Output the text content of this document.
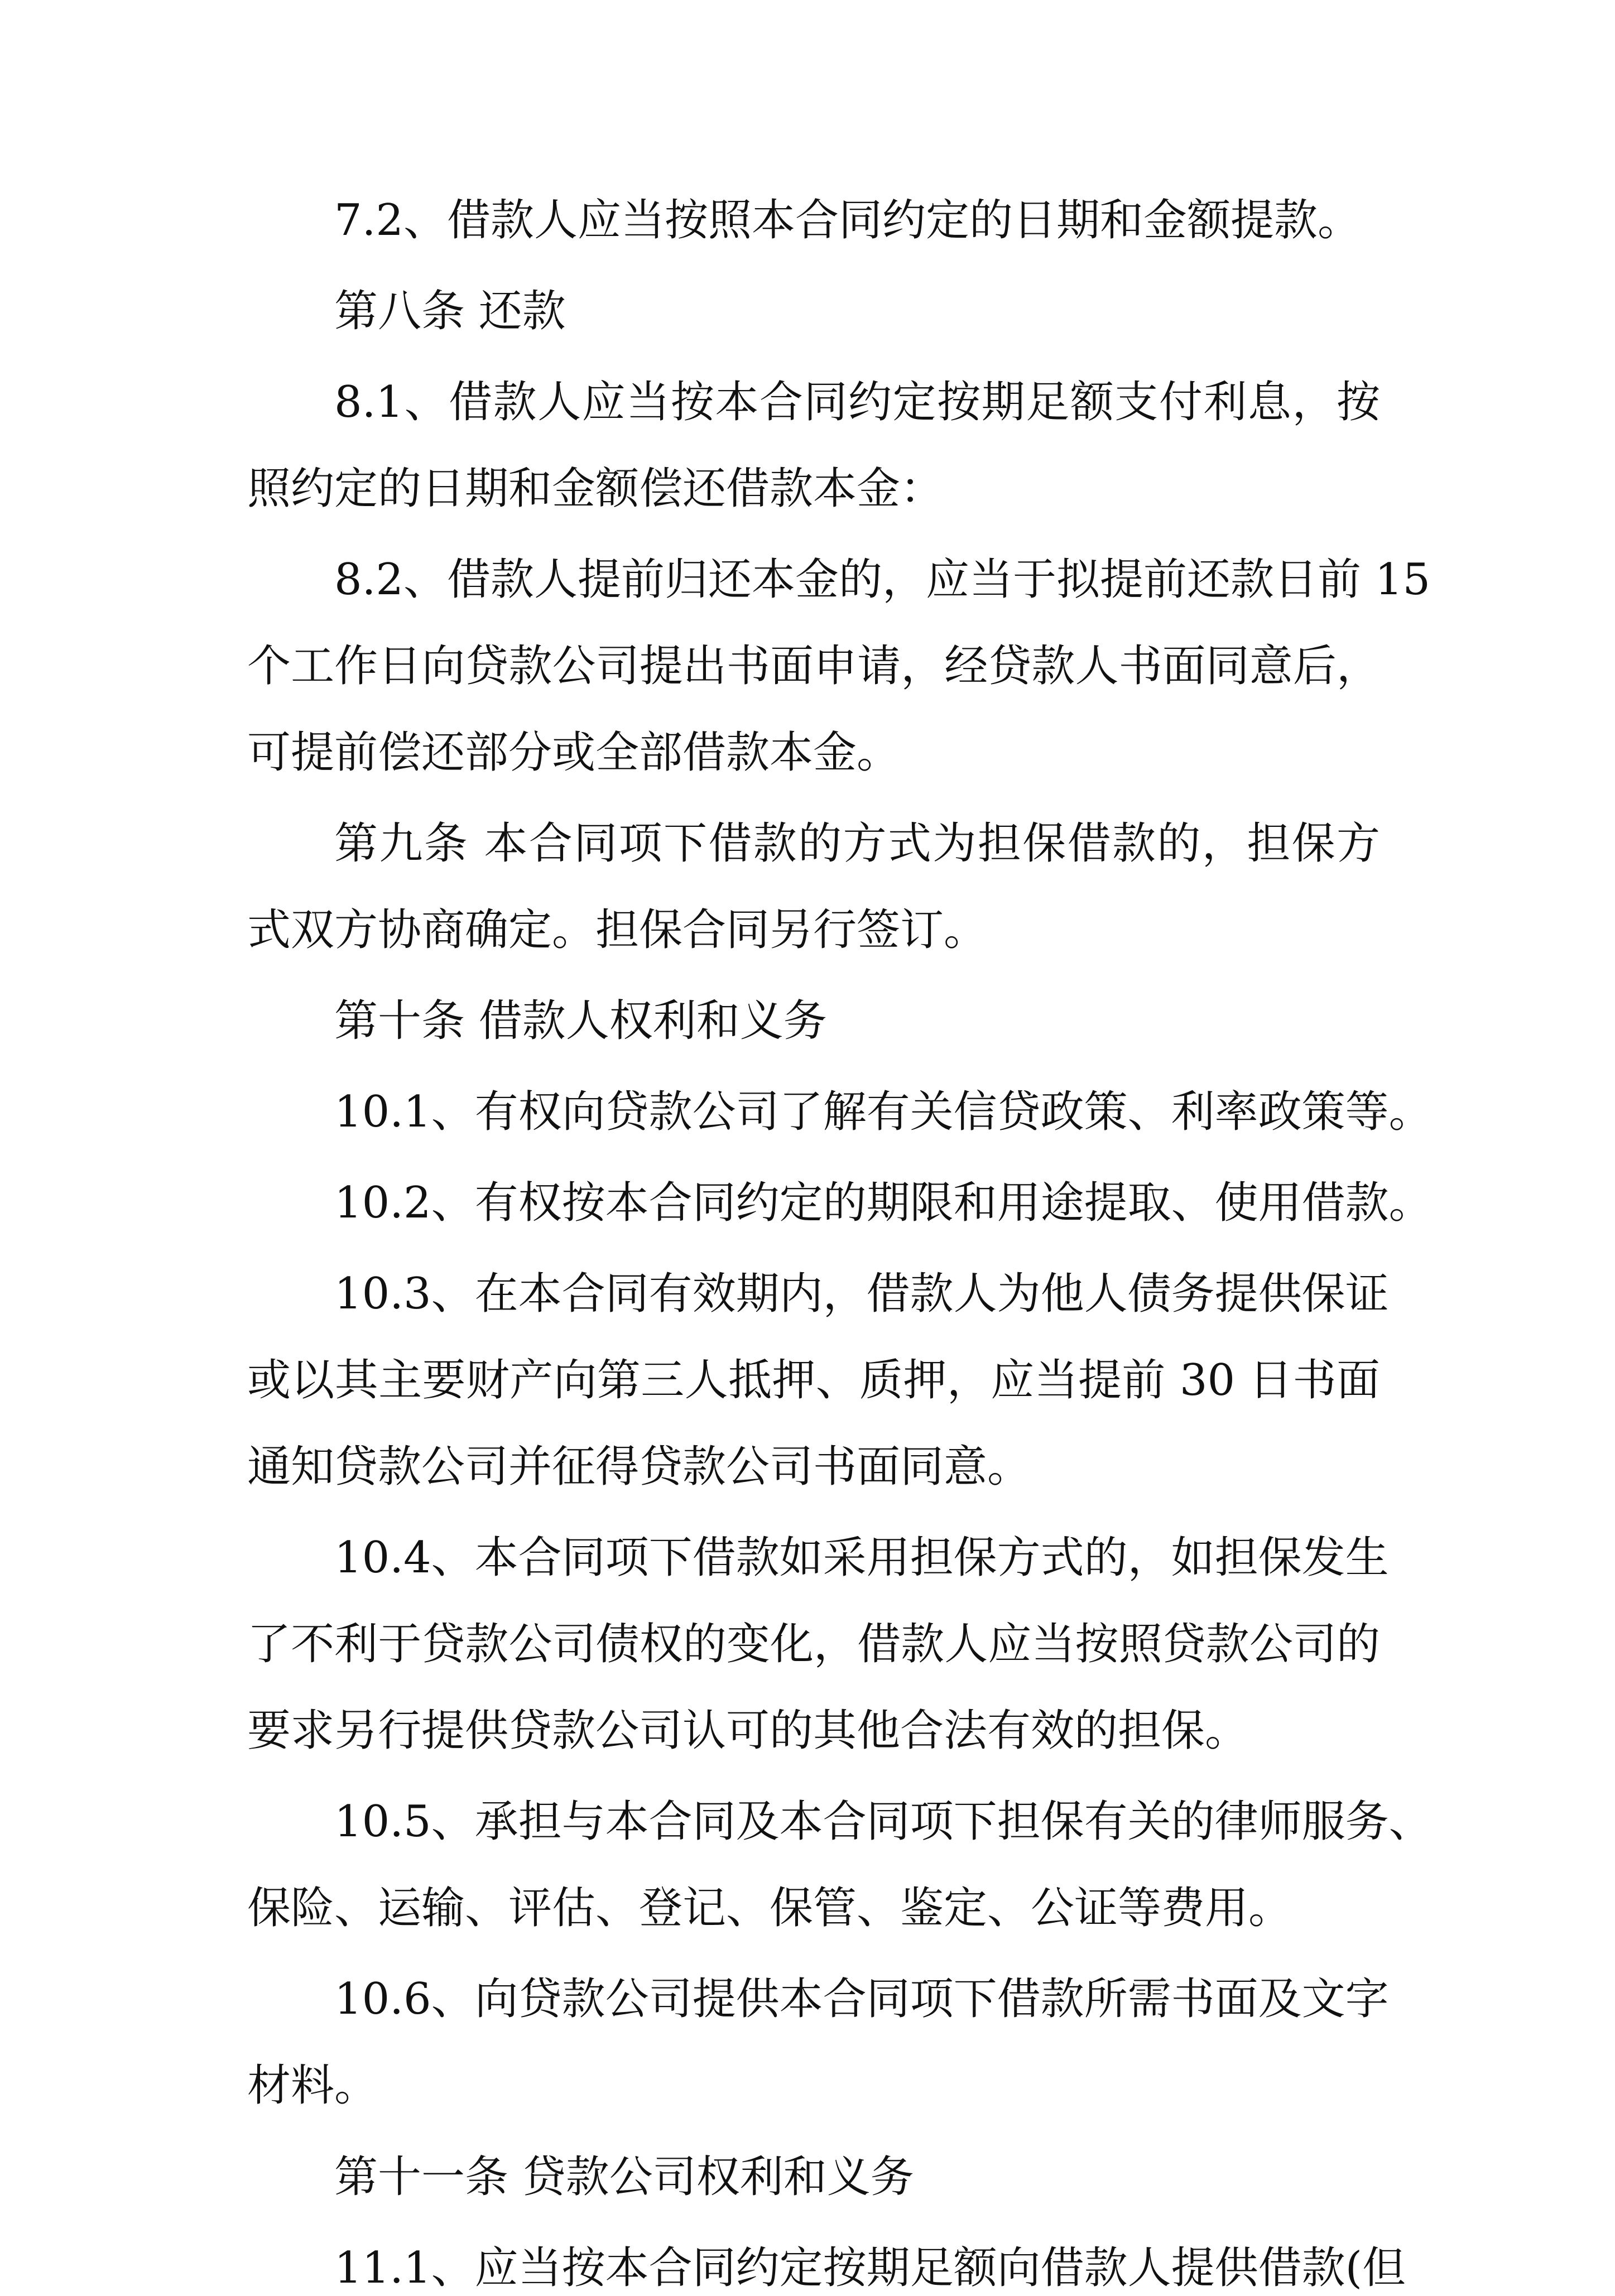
7.2、借款人应当按照本合同约定的日期和金额提款。
第八条 还款
8.1、借款人应当按本合同约定按期足额支付利息，按
照约定的日期和金额偿还借款本金：
8.2、借款人提前归还本金的，应当于拟提前还款日前 15
个工作日向贷款公司提出书面申请，经贷款人书面同意后，
可提前偿还部分或全部借款本金。
第九条 本合同项下借款的方式为担保借款的，担保方
式双方协商确定。担保合同另行签订。
第十条 借款人权利和义务
10.1、有权向贷款公司了解有关信贷政策、利率政策等。
10.2、有权按本合同约定的期限和用途提取、使用借款。
10.3、在本合同有效期内，借款人为他人债务提供保证
或以其主要财产向第三人抵押、质押，应当提前 30 日书面
通知贷款公司并征得贷款公司书面同意。
10.4、本合同项下借款如采用担保方式的，如担保发生
了不利于贷款公司债权的变化，借款人应当按照贷款公司的
要求另行提供贷款公司认可的其他合法有效的担保。
10.5、承担与本合同及本合同项下担保有关的律师服务、
保险、运输、评估、登记、保管、鉴定、公证等费用。
10.6、向贷款公司提供本合同项下借款所需书面及文字
材料。
第十一条 贷款公司权利和义务
11.1、应当按本合同约定按期足额向借款人提供借款(但
